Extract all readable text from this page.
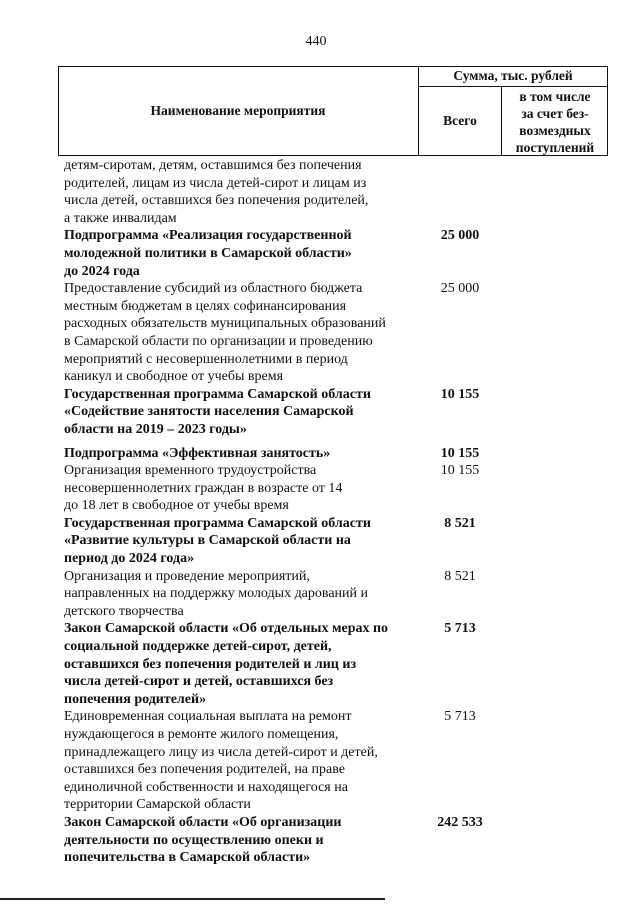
440
Наименование мероприятия
Сумма, тыс. рублей
Всего
в том числе
за счет без-
возмездных
поступлений
детям-сиротам, детям, оставшимся без попечения
родителей, лицам из числа детей-сирот и лицам из
числа детей, оставшихся без попечения родителей,
а также инвалидам
Подпрограмма «Реализация государственной
молодежной политики в Самарской области»
до 2024 года
25 000
Предоставление субсидий из областного бюджета
местным бюджетам в целях софинансирования
расходных обязательств муниципальных образований
в Самарской области по организации и проведению
мероприятий с несовершеннолетними в период
каникул и свободное от учебы время
25 000
Государственная программа Самарской области
«Содействие занятости населения Самарской
области на 2019 – 2023 годы»
10 155
Подпрограмма «Эффективная занятость»	10 155
Организация временного трудоустройства
несовершеннолетних граждан в возрасте от 14
до 18 лет в свободное от учебы время
10 155
Государственная программа Самарской области
«Развитие культуры в Самарской области на
период до 2024 года»
8 521
Организация и проведение мероприятий,
направленных на поддержку молодых дарований и
детского творчества
8 521
Закон Самарской области «Об отдельных мерах по
социальной поддержке детей-сирот, детей,
оставшихся без попечения родителей и лиц из
числа детей-сирот и детей, оставшихся без
попечения родителей»
5 713
Единовременная социальная выплата на ремонт
нуждающегося в ремонте жилого помещения,
принадлежащего лицу из числа детей-сирот и детей,
оставшихся без попечения родителей, на праве
единоличной собственности и находящегося на
территории Самарской области
5 713
Закон Самарской области «Об организации
деятельности по осуществлению опеки и
попечительства в Самарской области»
242 533
